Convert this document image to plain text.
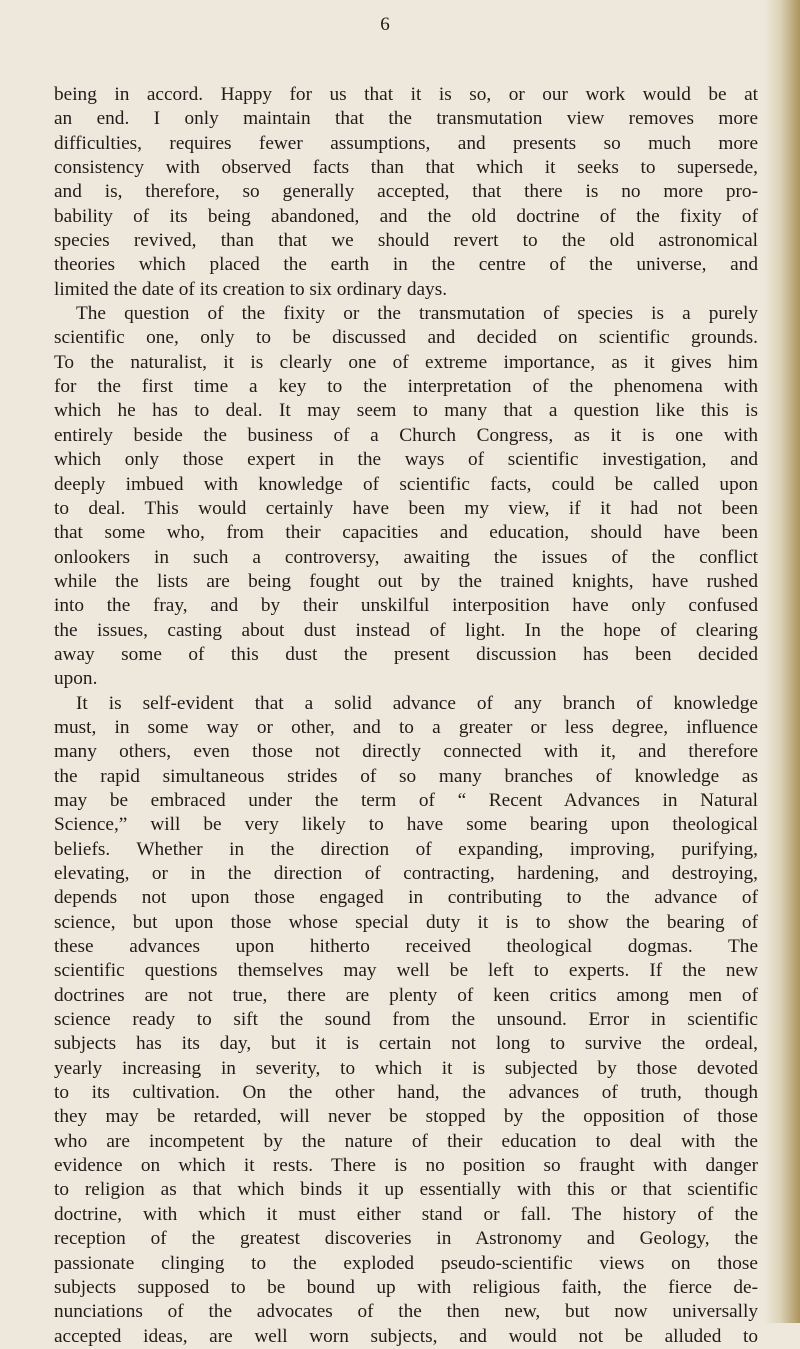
6
being in accord. Happy for us that it is so, or our work would be at
an end. I only maintain that the transmutation view removes more
difficulties, requires fewer assumptions, and presents so much more
consistency with observed facts than that which it seeks to supersede,
and is, therefore, so generally accepted, that there is no more pro-
bability of its being abandoned, and the old doctrine of the fixity of
species revived, than that we should revert to the old astronomical
theories which placed the earth in the centre of the universe, and
limited the date of its creation to six ordinary days.
The question of the fixity or the transmutation of species is a purely
scientific one, only to be discussed and decided on scientific grounds.
To the naturalist, it is clearly one of extreme importance, as it gives him
for the first time a key to the interpretation of the phenomena with
which he has to deal. It may seem to many that a question like this is
entirely beside the business of a Church Congress, as it is one with
which only those expert in the ways of scientific investigation, and
deeply imbued with knowledge of scientific facts, could be called upon
to deal. This would certainly have been my view, if it had not been
that some who, from their capacities and education, should have been
onlookers in such a controversy, awaiting the issues of the conflict
while the lists are being fought out by the trained knights, have rushed
into the fray, and by their unskilful interposition have only confused
the issues, casting about dust instead of light. In the hope of clearing
away some of this dust the present discussion has been decided
upon.
It is self-evident that a solid advance of any branch of knowledge
must, in some way or other, and to a greater or less degree, influence
many others, even those not directly connected with it, and therefore
the rapid simultaneous strides of so many branches of knowledge as
may be embraced under the term of “ Recent Advances in Natural
Science,” will be very likely to have some bearing upon theological
beliefs. Whether in the direction of expanding, improving, purifying,
elevating, or in the direction of contracting, hardening, and destroying,
depends not upon those engaged in contributing to the advance of
science, but upon those whose special duty it is to show the bearing of
these advances upon hitherto received theological dogmas. The
scientific questions themselves may well be left to experts. If the new
doctrines are not true, there are plenty of keen critics among men of
science ready to sift the sound from the unsound. Error in scientific
subjects has its day, but it is certain not long to survive the ordeal,
yearly increasing in severity, to which it is subjected by those devoted
to its cultivation. On the other hand, the advances of truth, though
they may be retarded, will never be stopped by the opposition of those
who are incompetent by the nature of their education to deal with the
evidence on which it rests. There is no position so fraught with danger
to religion as that which binds it up essentially with this or that scientific
doctrine, with which it must either stand or fall. The history of the
reception of the greatest discoveries in Astronomy and Geology, the
passionate clinging to the exploded pseudo-scientific views on those
subjects supposed to be bound up with religious faith, the fierce de-
nunciations of the advocates of the then new, but now universally
accepted ideas, are well worn subjects, and would not be alluded to
